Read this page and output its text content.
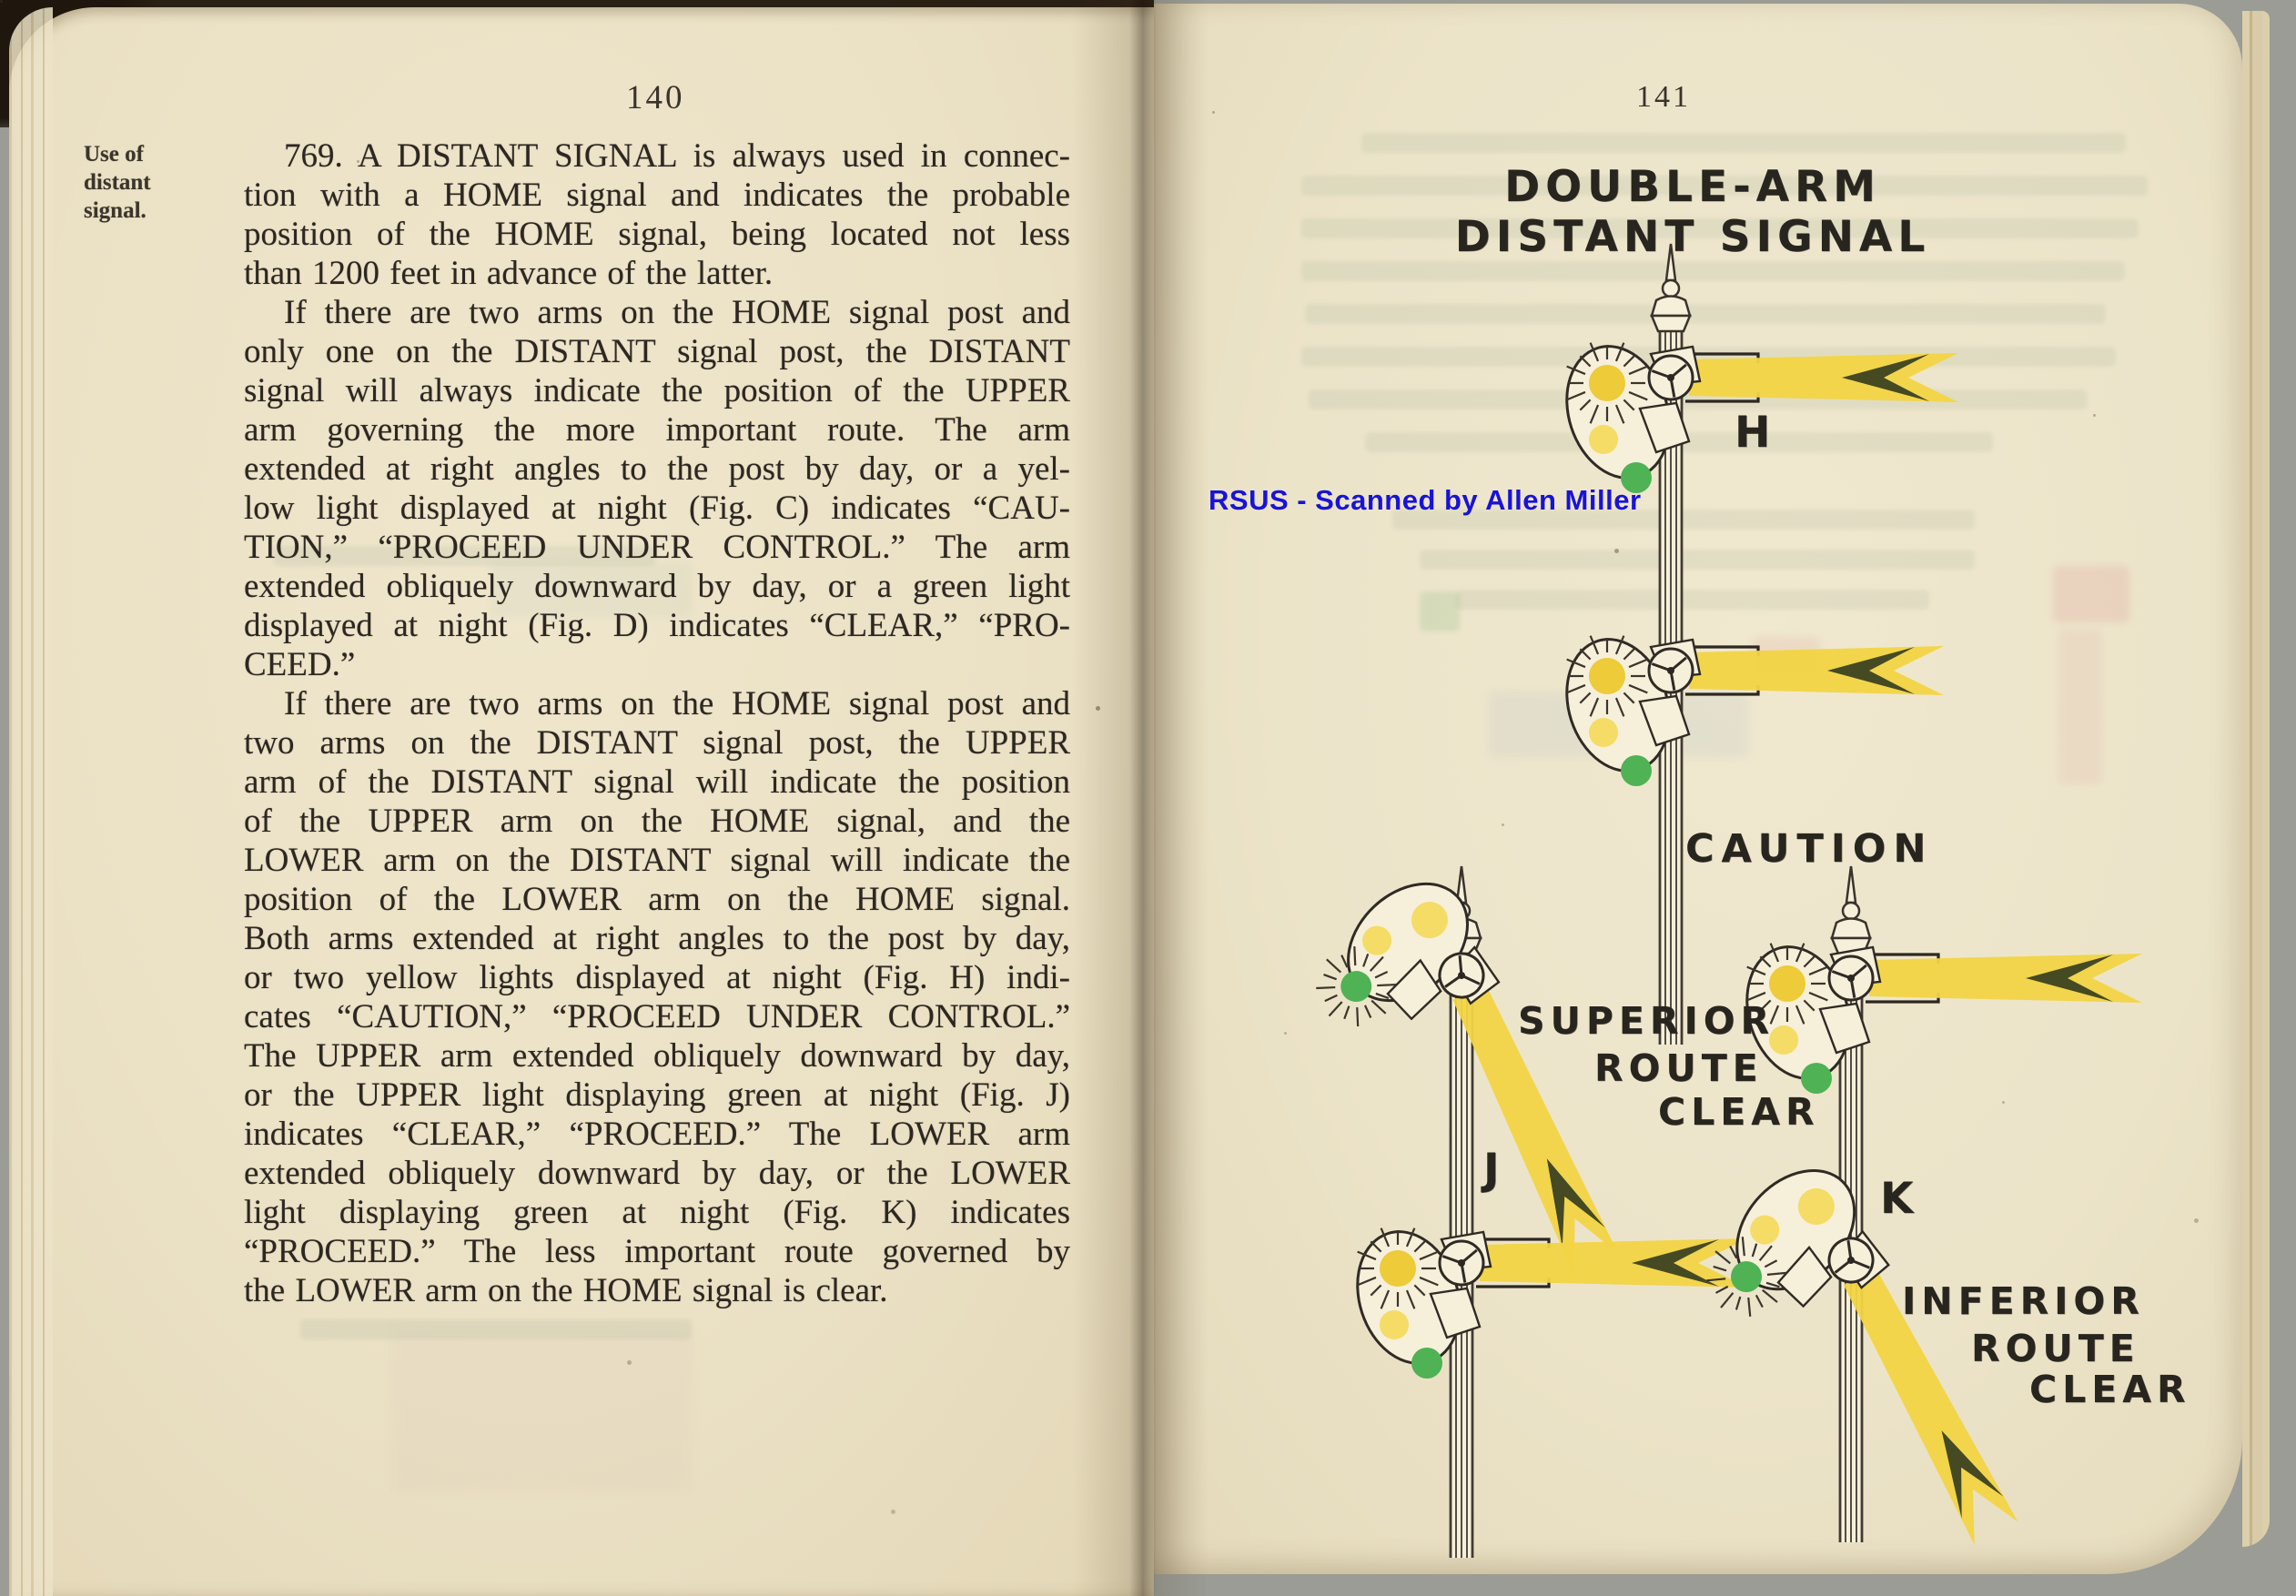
140
Use of
distant
signal.
769. A DISTANT SIGNAL is always used in connec-
tion with a HOME signal and indicates the probable
position of the HOME signal, being located not less
than 1200 feet in advance of the latter.
If there are two arms on the HOME signal post and
only one on the DISTANT signal post, the DISTANT
signal will always indicate the position of the UPPER
arm governing the more important route. The arm
extended at right angles to the post by day, or a yel-
low light displayed at night (Fig. C) indicates “CAU-
TION,” “PROCEED UNDER CONTROL.” The arm
extended obliquely downward by day, or a green light
displayed at night (Fig. D) indicates “CLEAR,” “PRO-
CEED.”
If there are two arms on the HOME signal post and
two arms on the DISTANT signal post, the UPPER
arm of the DISTANT signal will indicate the position
of the UPPER arm on the HOME signal, and the
LOWER arm on the DISTANT signal will indicate the
position of the LOWER arm on the HOME signal.
Both arms extended at right angles to the post by day,
or two yellow lights displayed at night (Fig. H) indi-
cates “CAUTION,” “PROCEED UNDER CONTROL.”
The UPPER arm extended obliquely downward by day,
or the UPPER light displaying green at night (Fig. J)
indicates “CLEAR,” “PROCEED.” The LOWER arm
extended obliquely downward by day, or the LOWER
light displaying green at night (Fig. K) indicates
“PROCEED.” The less important route governed by
the LOWER arm on the HOME signal is clear.
141
DOUBLE-ARM
DISTANT SIGNAL
RSUS - Scanned by Allen Miller
H
CAUTION
J
K
SUPERIOR
ROUTE
CLEAR
INFERIOR
ROUTE
CLEAR
